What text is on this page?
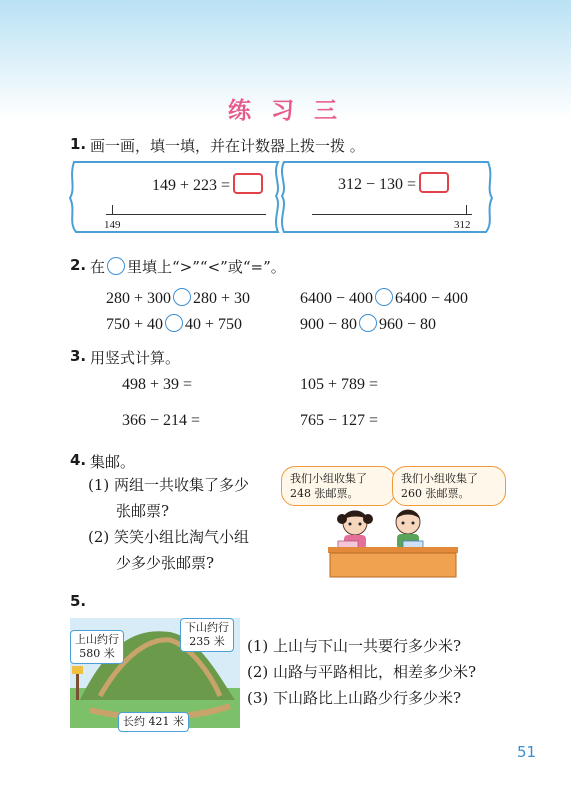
练 习 三
1. 画一画，填一填，并在计数器上拨一拨 。
149 + 223 =	312 − 130 =
149	312
2. 在 里填上“>”“<”或“=”。
280 + 300 280 + 30	6400 − 400 6400 − 400
750 + 40 40 + 750	900 − 80 960 − 80
3. 用竖式计算。
498 + 39 =	105 + 789 =
366 − 214 =	765 − 127 =
4. 集邮。
(1) 两组一共收集了多少
张邮票?
(2) 笑笑小组比淘气小组
少多少张邮票?
我们小组收集了
248 张邮票。
我们小组收集了
260 张邮票。
5.
上山约行
580 米
下山约行
235 米
长约 421 米
(1) 上山与下山一共要行多少米?
(2) 山路与平路相比，相差多少米?
(3) 下山路比上山路少行多少米?
51
